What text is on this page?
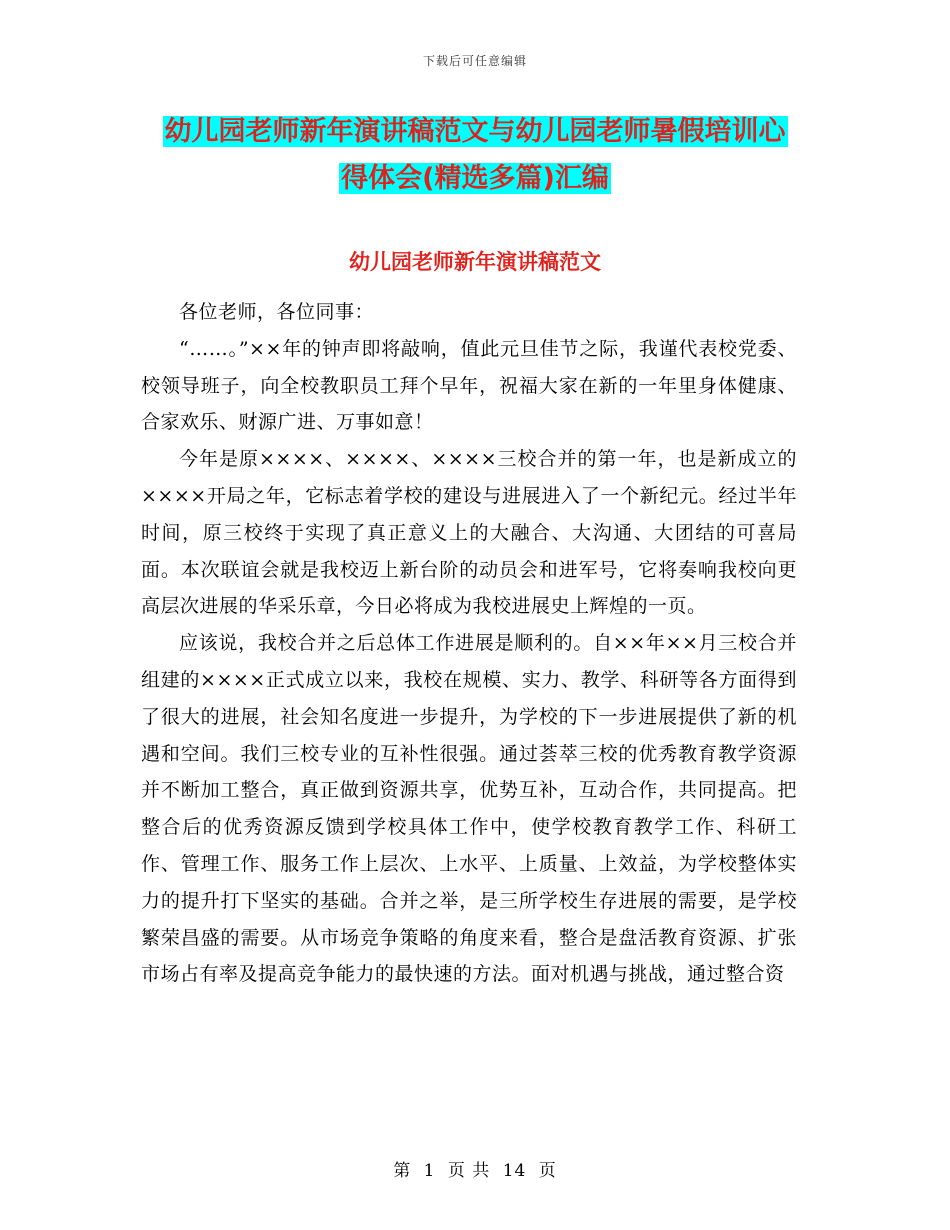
下载后可任意编辑
幼儿园老师新年演讲稿范文与幼儿园老师暑假培训心
得体会(精选多篇)汇编
幼儿园老师新年演讲稿范文

各位老师，各位同事：

“……。”××年的钟声即将敲响，值此元旦佳节之际，我谨代表校党委、校领导班子，向全校教职员工拜个早年，祝福大家在新的一年里身体健康、合家欢乐、财源广进、万事如意！

今年是原××××、××××、××××三校合并的第一年，也是新成立的××××开局之年，它标志着学校的建设与进展进入了一个新纪元。经过半年时间，原三校终于实现了真正意义上的大融合、大沟通、大团结的可喜局面。本次联谊会就是我校迈上新台阶的动员会和进军号，它将奏响我校向更高层次进展的华采乐章，今日必将成为我校进展史上辉煌的一页。

应该说，我校合并之后总体工作进展是顺利的。自××年××月三校合并组建的××××正式成立以来，我校在规模、实力、教学、科研等各方面得到了很大的进展，社会知名度进一步提升，为学校的下一步进展提供了新的机遇和空间。我们三校专业的互补性很强。通过荟萃三校的优秀教育教学资源并不断加工整合，真正做到资源共享，优势互补，互动合作，共同提高。把整合后的优秀资源反馈到学校具体工作中，使学校教育教学工作、科研工作、管理工作、服务工作上层次、上水平、上质量、上效益，为学校整体实力的提升打下坚实的基础。合并之举，是三所学校生存进展的需要，是学校繁荣昌盛的需要。从市场竞争策略的角度来看，整合是盘活教育资源、扩张市场占有率及提高竞争能力的最快速的方法。面对机遇与挑战，通过整合资

第 1 页 共 14 页
